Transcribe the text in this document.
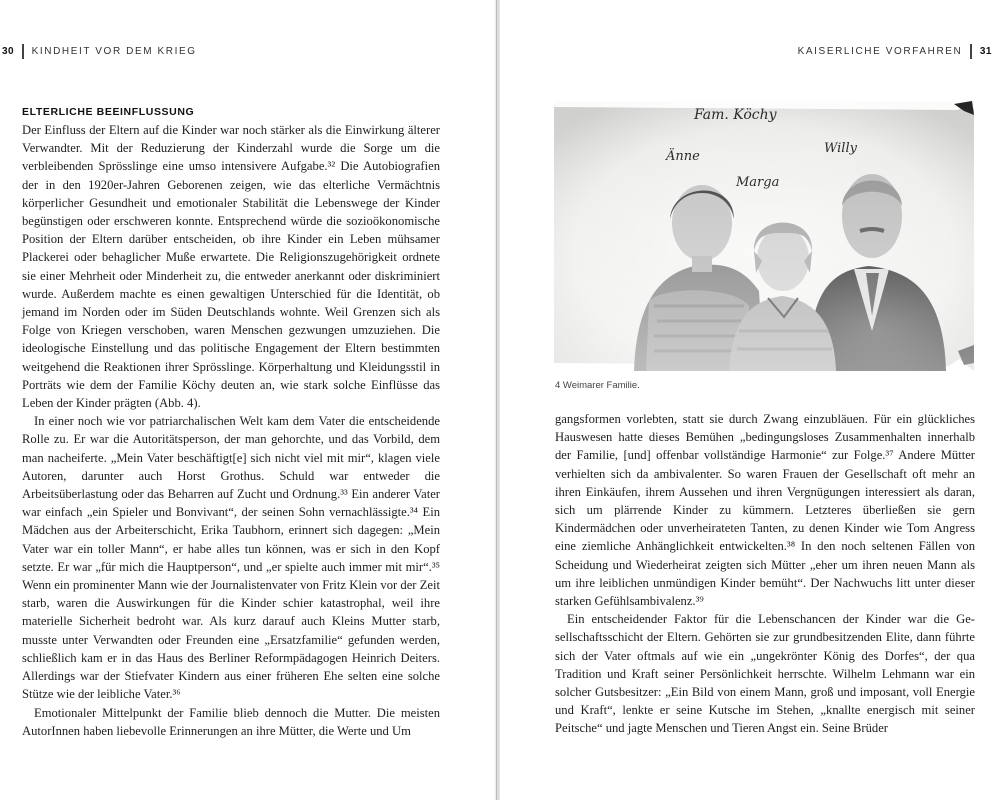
30 KINDHEIT VOR DEM KRIEG
ELTERLICHE BEEINFLUSSUNG

Der Einfluss der Eltern auf die Kinder war noch stärker als die Einwirkung älterer Verwandter. Mit der Reduzierung der Kinderzahl wurde die Sorge um die verbleibenden Sprösslinge eine umso intensivere Aufgabe.³² Die Autobiografien der in den 1920er-Jahren Geborenen zeigen, wie das elterliche Vermächtnis körperlicher Gesundheit und emotionaler Stabilität die Lebenswege der Kinder begünstigen oder erschweren konnte. Entsprechend würde die sozioökonomische Position der Eltern darüber entscheiden, ob ihre Kinder ein Leben mühsamer Plackerei oder behaglicher Muße erwartete. Die Religionszugehörigkeit ordnete sie einer Mehrheit oder Minderheit zu, die entweder anerkannt oder diskriminiert wurde. Außerdem machte es einen gewaltigen Unterschied für die Identität, ob jemand im Norden oder im Süden Deutschlands wohnte. Weil Grenzen sich als Folge von Kriegen verschoben, waren Menschen gezwungen umzuziehen. Die ideologische Einstellung und das politische Engagement der Eltern bestimmten weitgehend die Reaktionen ihrer Sprösslinge. Körperhaltung und Kleidungsstil in Porträts wie dem der Familie Köchy deuten an, wie stark solche Einflüsse das Leben der Kinder prägten (Abb. 4).

In einer noch wie vor patriarchalischen Welt kam dem Vater die entscheidende Rolle zu. Er war die Autoritätsperson, der man gehorchte, und das Vorbild, dem man nacheiferte. „Mein Vater beschäftigt[e] sich nicht viel mit mir“, klagen viele Autoren, darunter auch Horst Grothus. Schuld war entweder die Arbeitsüberlastung oder das Beharren auf Zucht und Ordnung.³³ Ein anderer Vater war einfach „ein Spieler und Bonvivant“, der seinen Sohn vernachlässigte.³⁴ Ein Mädchen aus der Arbeiterschicht, Erika Taubhorn, erinnert sich dagegen: „Mein Vater war ein toller Mann“, er habe alles tun können, was er sich in den Kopf setzte. Er war „für mich die Hauptperson“, und „er spielte auch immer mit mir“.³⁵ Wenn ein prominenter Mann wie der Journalistenvater von Fritz Klein vor der Zeit starb, waren die Auswirkungen für die Kinder schier katastrophal, weil ihre materielle Sicherheit bedroht war. Als kurz darauf auch Kleins Mutter starb, musste unter Verwandten oder Freunden eine „Ersatzfamilie“ gefunden werden, schließlich kam er in das Haus des Berliner Reformpädagogen Heinrich Deiters. Allerdings war der Stiefvater Kindern aus einer früheren Ehe selten eine solche Stütze wie der leibliche Vater.³⁶

Emotionaler Mittelpunkt der Familie blieb dennoch die Mutter. Die meisten AutorInnen haben liebevolle Erinnerungen an ihre Mütter, die Werte und Um

KAISERLICHE VORFAHREN 31
Fam. Köchy
Änne
Marga
Willy
4 Weimarer Familie.

gangsformen vorlebten, statt sie durch Zwang einzubläuen. Für ein glückliches Hauswesen hatte dieses Bemühen „bedingungsloses Zusammenhalten innerhalb der Familie, [und] offenbar vollständige Harmonie“ zur Folge.³⁷ Andere Mütter verhielten sich da ambivalenter. So waren Frauen der Gesellschaft oft mehr an ihren Einkäufen, ihrem Aussehen und ihren Vergnügungen interessiert als daran, sich um plärrende Kinder zu kümmern. Letzteres überließen sie gern Kindermädchen oder unverheirateten Tanten, zu denen Kinder wie Tom Angress eine ziemliche Anhänglichkeit entwickelten.³⁸ In den noch seltenen Fällen von Scheidung und Wiederheirat zeigten sich Mütter „eher um ihren neuen Mann als um ihre leiblichen unmündigen Kinder bemüht“. Der Nachwuchs litt unter dieser starken Gefühlsambivalenz.³⁹

Ein entscheidender Faktor für die Lebenschancen der Kinder war die Gesellschaftsschicht der Eltern. Gehörten sie zur grundbesitzenden Elite, dann führte sich der Vater oftmals auf wie ein „ungekrönter König des Dorfes“, der qua Tradition und Kraft seiner Persönlichkeit herrschte. Wilhelm Lehmann war ein solcher Gutsbesitzer: „Ein Bild von einem Mann, groß und imposant, voll Energie und Kraft“, lenkte er seine Kutsche im Stehen, „knallte energisch mit seiner Peitsche“ und jagte Menschen und Tieren Angst ein. Seine Brüder
